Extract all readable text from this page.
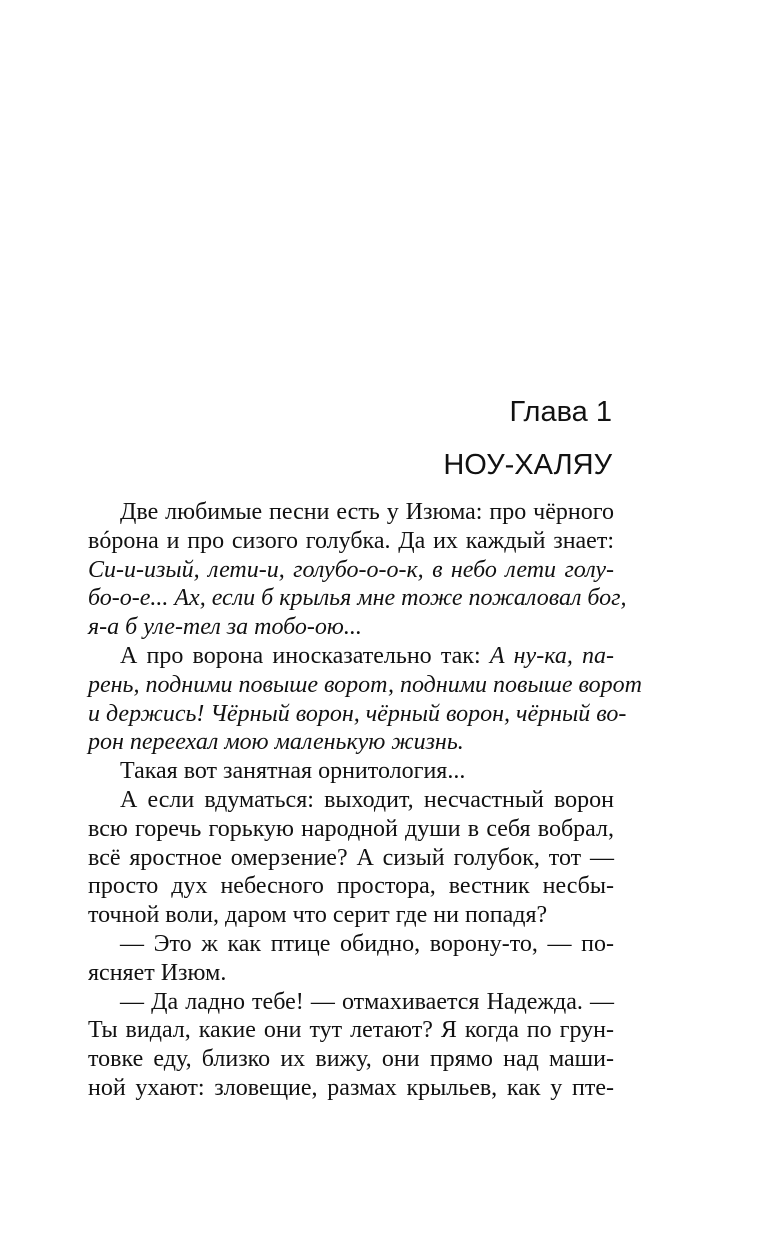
Глава 1
НОУ-ХАЛЯУ
Две любимые песни есть у Изюма: про чёрного
вóрона и про сизого голубка. Да их каждый знает:
Си-и-изый, лети-и, голубо-о-о-к, в небо лети голу-
бо-о-е... Ах, если б крылья мне тоже пожаловал бог,
я-а б уле-тел за тобо-ою...
А про ворона иносказательно так: А ну-ка, па-
рень, подними повыше ворот, подними повыше ворот
и держись! Чёрный ворон, чёрный ворон, чёрный во-
рон переехал мою маленькую жизнь.
Такая вот занятная орнитология...
А если вдуматься: выходит, несчастный ворон
всю горечь горькую народной души в себя вобрал,
всё яростное омерзение? А сизый голубок, тот —
просто дух небесного простора, вестник несбы-
точной воли, даром что серит где ни попадя?
— Это ж как птице обидно, ворону-то, — по-
ясняет Изюм.
— Да ладно тебе! — отмахивается Надежда. —
Ты видал, какие они тут летают? Я когда по грун-
товке еду, близко их вижу, они прямо над маши-
ной ухают: зловещие, размах крыльев, как у пте-
